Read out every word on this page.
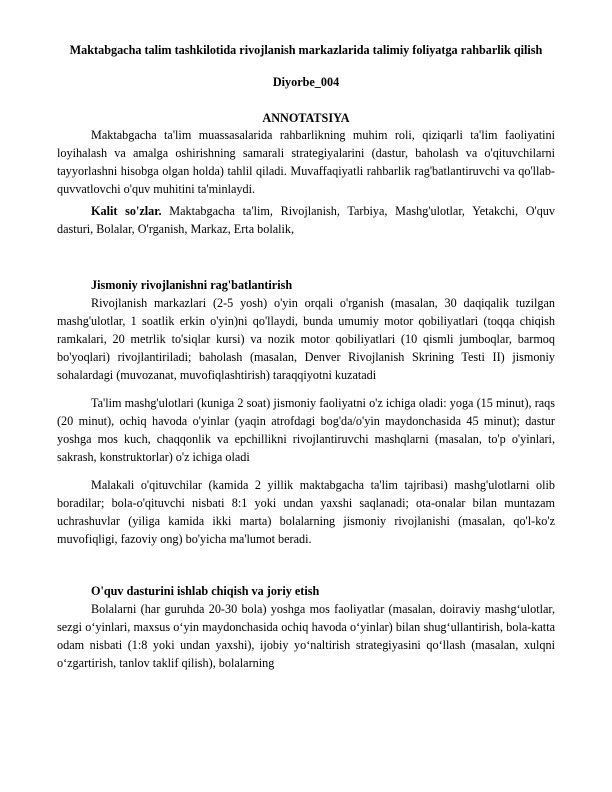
Maktabgacha talim tashkilotida rivojlanish markazlarida talimiy foliyatga rahbarlik qilish
Diyorbe_004
ANNOTATSIYA

Maktabgacha ta'lim muassasalarida rahbarlikning muhim roli, qiziqarli ta'lim faoliyatini loyihalash va amalga oshirishning samarali strategiyalarini (dastur, baholash va o'qituvchilarni tayyorlashni hisobga olgan holda) tahlil qiladi. Muvaffaqiyatli rahbarlik rag'batlantiruvchi va qo'llab-quvvatlovchi o'quv muhitini ta'minlaydi.

Kalit so'zlar. Maktabgacha ta'lim, Rivojlanish, Tarbiya, Mashg'ulotlar, Yetakchi, O'quv dasturi, Bolalar, O'rganish, Markaz, Erta bolalik,

Jismoniy rivojlanishni rag'batlantirish

Rivojlanish markazlari (2-5 yosh) o'yin orqali o'rganish (masalan, 30 daqiqalik tuzilgan mashg'ulotlar, 1 soatlik erkin o'yin)ni qo'llaydi, bunda umumiy motor qobiliyatlari (toqqa chiqish ramkalari, 20 metrlik to'siqlar kursi) va nozik motor qobiliyatlari (10 qismli jumboqlar, barmoq bo'yoqlari) rivojlantiriladi; baholash (masalan, Denver Rivojlanish Skrining Testi II) jismoniy sohalardagi (muvozanat, muvofiqlashtirish) taraqqiyotni kuzatadi

Ta'lim mashg'ulotlari (kuniga 2 soat) jismoniy faoliyatni o'z ichiga oladi: yoga (15 minut), raqs (20 minut), ochiq havoda o'yinlar (yaqin atrofdagi bog'da/o'yin maydonchasida 45 minut); dastur yoshga mos kuch, chaqqonlik va epchillikni rivojlantiruvchi mashqlarni (masalan, to'p o'yinlari, sakrash, konstruktorlar) o'z ichiga oladi

Malakali o'qituvchilar (kamida 2 yillik maktabgacha ta'lim tajribasi) mashg'ulotlarni olib boradilar; bola-o'qituvchi nisbati 8:1 yoki undan yaxshi saqlanadi; ota-onalar bilan muntazam uchrashuvlar (yiliga kamida ikki marta) bolalarning jismoniy rivojlanishi (masalan, qo'l-ko'z muvofiqligi, fazoviy ong) bo'yicha ma'lumot beradi.

O'quv dasturini ishlab chiqish va joriy etish

Bolalarni (har guruhda 20-30 bola) yoshga mos faoliyatlar (masalan, doiraviy mashg‘ulotlar, sezgi o‘yinlari, maxsus o‘yin maydonchasida ochiq havoda o‘yinlar) bilan shug‘ullantirish, bola-katta odam nisbati (1:8 yoki undan yaxshi), ijobiy yo‘naltirish strategiyasini qo‘llash (masalan, xulqni o‘zgartirish, tanlov taklif qilish), bolalarning
